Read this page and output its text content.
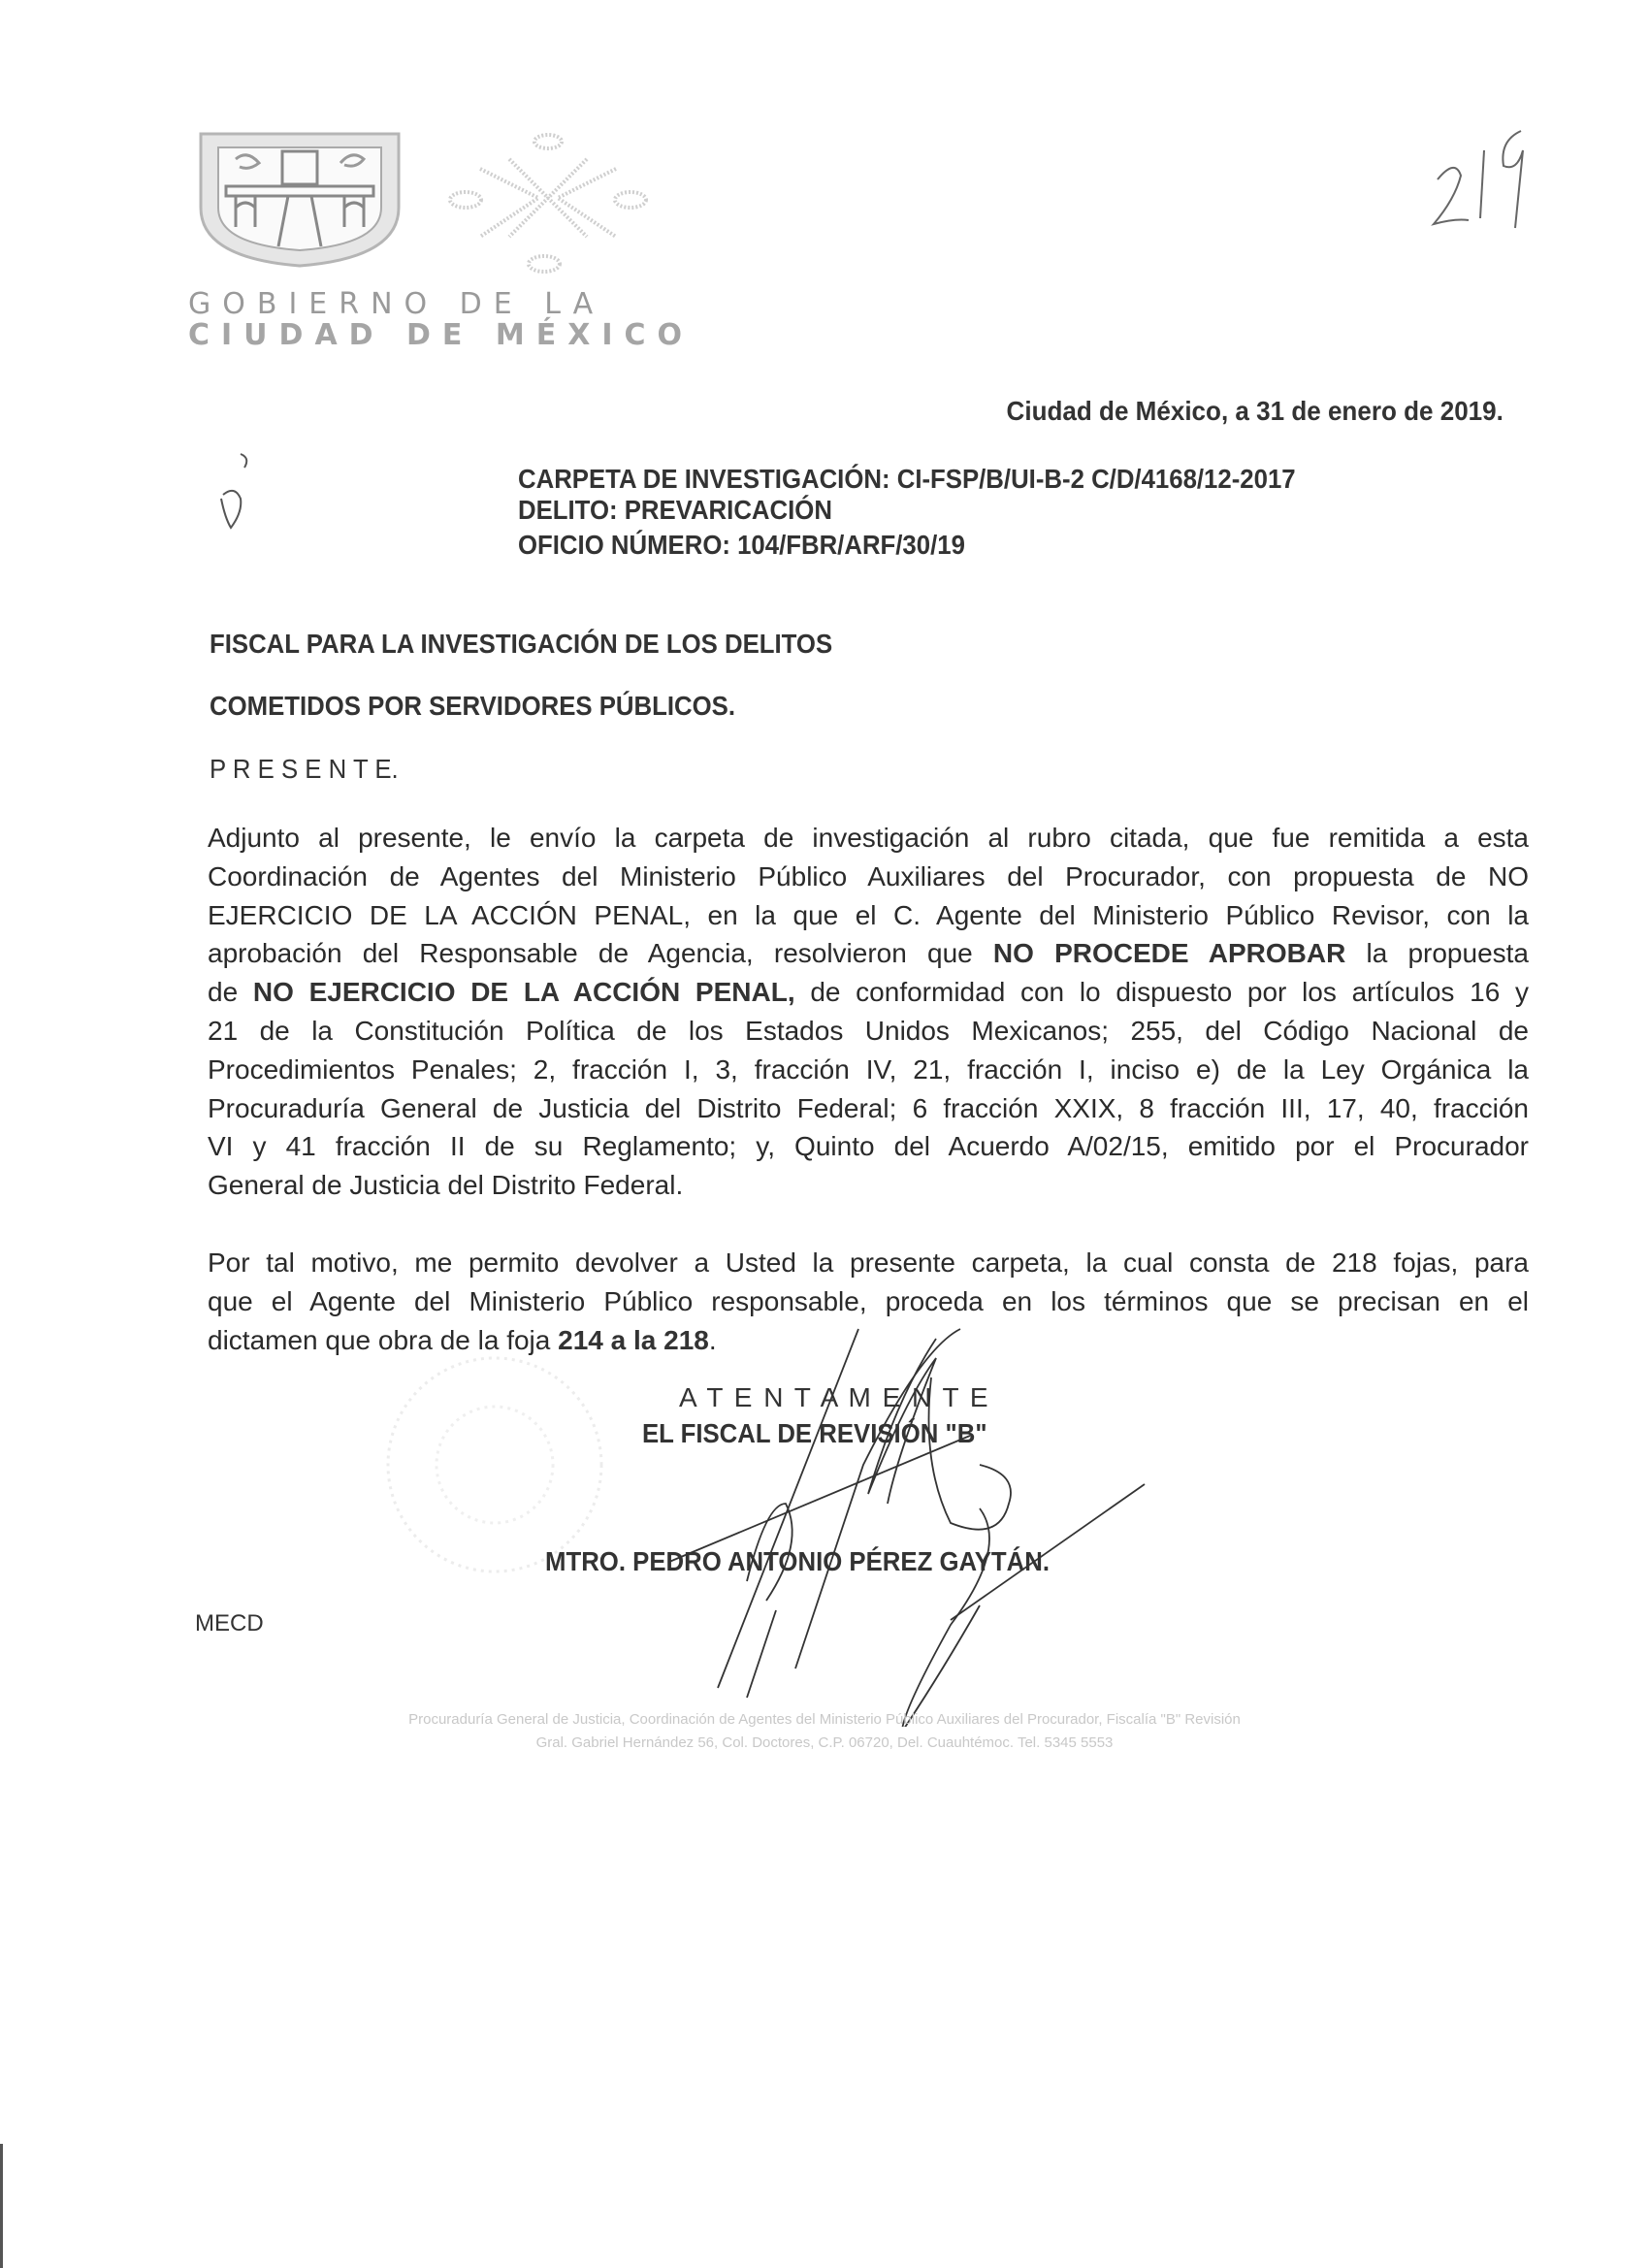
GOBIERNO DE LA
CIUDAD DE MÉXICO
Ciudad de México, a 31 de enero de 2019.
CARPETA DE INVESTIGACIÓN: CI-FSP/B/UI-B-2 C/D/4168/12-2017
DELITO: PREVARICACIÓN
OFICIO NÚMERO: 104/FBR/ARF/30/19
FISCAL PARA LA INVESTIGACIÓN DE LOS DELITOS
COMETIDOS POR SERVIDORES PÚBLICOS.
P R E S E N T E.
Adjunto al presente, le envío la carpeta de investigación al rubro citada, que fue remitida a esta
Coordinación de Agentes del Ministerio Público Auxiliares del Procurador, con propuesta de NO
EJERCICIO DE LA ACCIÓN PENAL, en la que el C. Agente del Ministerio Público Revisor, con la
aprobación del Responsable de Agencia, resolvieron que NO PROCEDE APROBAR la propuesta
de NO EJERCICIO DE LA ACCIÓN PENAL, de conformidad con lo dispuesto por los artículos 16 y
21 de la Constitución Política de los Estados Unidos Mexicanos; 255, del Código Nacional de
Procedimientos Penales; 2, fracción I, 3, fracción IV, 21, fracción I, inciso e) de la Ley Orgánica la
Procuraduría General de Justicia del Distrito Federal; 6 fracción XXIX, 8 fracción III, 17, 40, fracción
VI y 41 fracción II de su Reglamento; y, Quinto del Acuerdo A/02/15, emitido por el Procurador
General de Justicia del Distrito Federal.
Por tal motivo, me permito devolver a Usted la presente carpeta, la cual consta de 218 fojas, para
que el Agente del Ministerio Público responsable, proceda en los términos que se precisan en el
dictamen que obra de la foja 214 a la 218.
A T E N T A M E N T E
EL FISCAL DE REVISIÓN "B"
MTRO. PEDRO ANTONIO PÉREZ GAYTÁN.
MECD
Procuraduría General de Justicia, Coordinación de Agentes del Ministerio Público Auxiliares del Procurador, Fiscalía "B" Revisión
Gral. Gabriel Hernández 56, Col. Doctores, C.P. 06720, Del. Cuauhtémoc. Tel. 5345 5553
